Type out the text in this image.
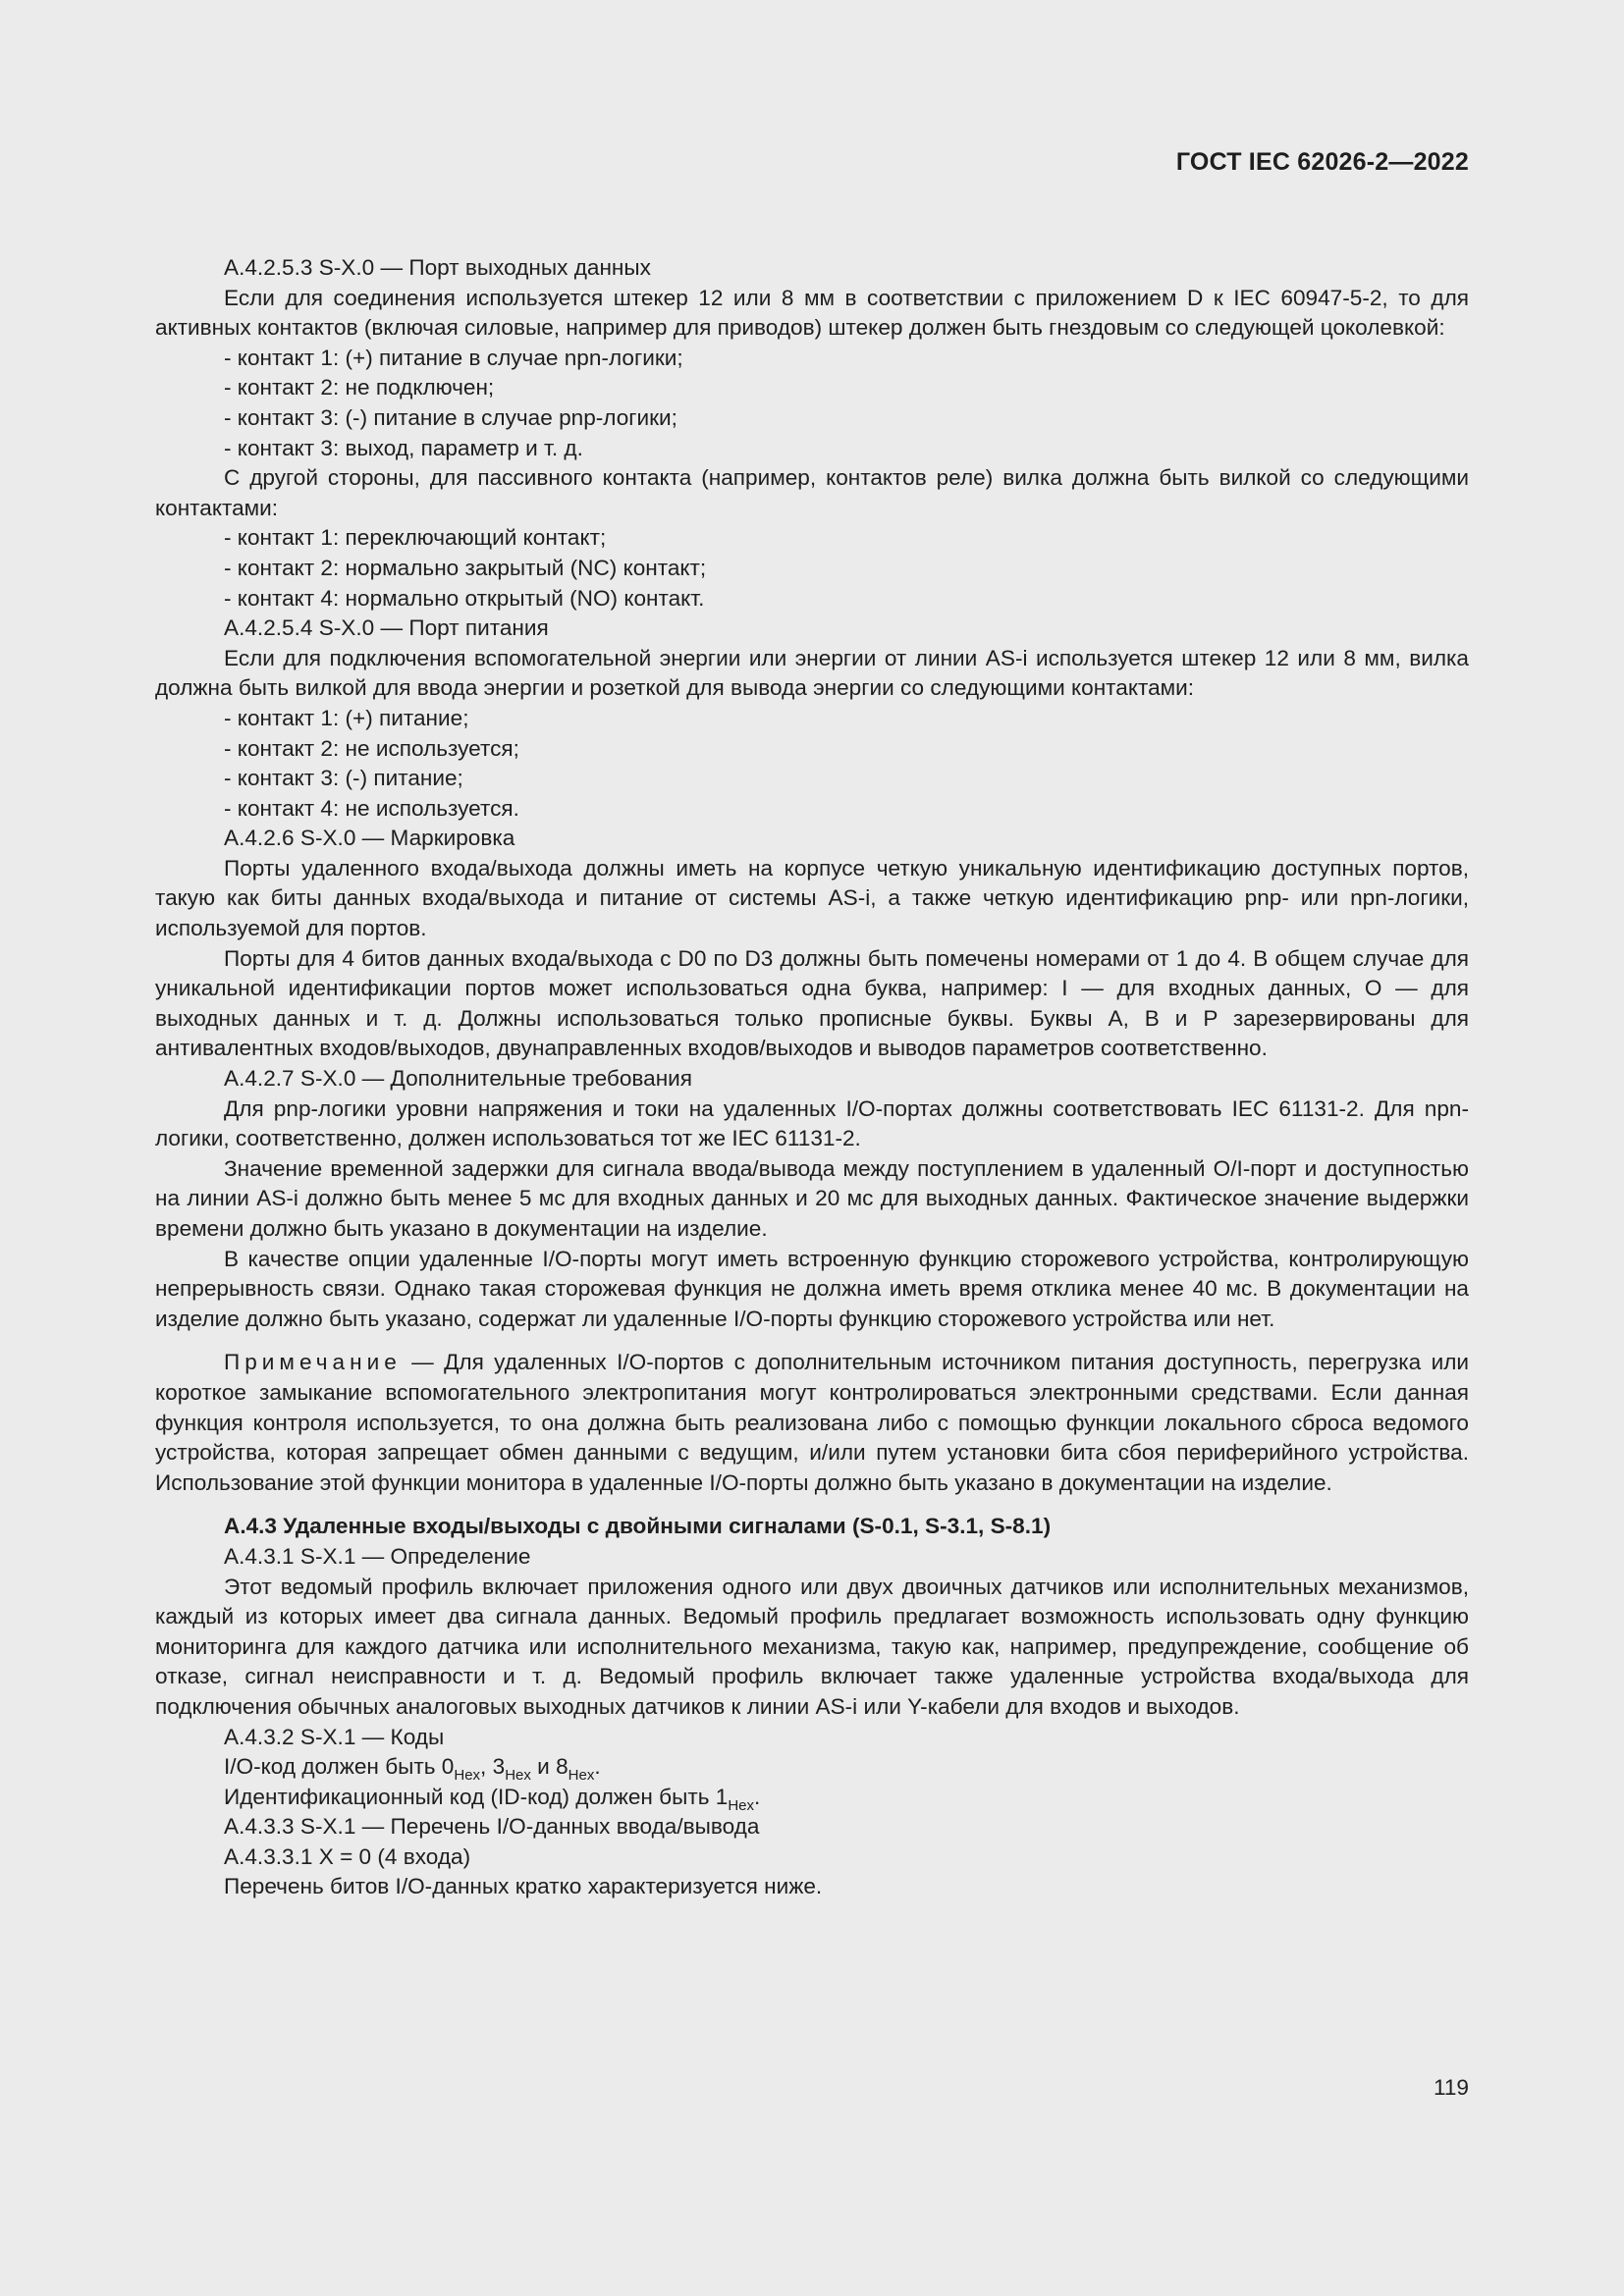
ГОСТ IEC 62026-2—2022

А.4.2.5.3 S-X.0 — Порт выходных данных

Если для соединения используется штекер 12 или 8 мм в соответствии с приложением D к IEC 60947-5-2, то для активных контактов (включая силовые, например для приводов) штекер должен быть гнездовым со следующей цоколевкой:

- контакт 1: (+) питание в случае npn-логики;

- контакт 2: не подключен;

- контакт 3: (-) питание в случае pnp-логики;

- контакт 3: выход, параметр и т. д.

С другой стороны, для пассивного контакта (например, контактов реле) вилка должна быть вилкой со следующими контактами:

- контакт 1: переключающий контакт;

- контакт 2: нормально закрытый (NC) контакт;

- контакт 4: нормально открытый (NO) контакт.

А.4.2.5.4 S-X.0 — Порт питания

Если для подключения вспомогательной энергии или энергии от линии AS-i используется штекер 12 или 8 мм, вилка должна быть вилкой для ввода энергии и розеткой для вывода энергии со следующими контактами:

- контакт 1: (+) питание;

- контакт 2: не используется;

- контакт 3: (-) питание;

- контакт 4: не используется.

А.4.2.6 S-X.0 — Маркировка

Порты удаленного входа/выхода должны иметь на корпусе четкую уникальную идентификацию доступных портов, такую как биты данных входа/выхода и питание от системы AS-i, а также четкую идентификацию pnp- или npn-логики, используемой для портов.

Порты для 4 битов данных входа/выхода с D0 по D3 должны быть помечены номерами от 1 до 4. В общем случае для уникальной идентификации портов может использоваться одна буква, например: I — для входных данных, O — для выходных данных и т. д. Должны использоваться только прописные буквы. Буквы A, B и P зарезервированы для антивалентных входов/выходов, двунаправленных входов/выходов и выводов параметров соответственно.

А.4.2.7 S-X.0 — Дополнительные требования

Для pnp-логики уровни напряжения и токи на удаленных I/O-портах должны соответствовать IEC 61131-2. Для npn-логики, соответственно, должен использоваться тот же IEC 61131-2.

Значение временной задержки для сигнала ввода/вывода между поступлением в удаленный O/I-порт и доступностью на линии AS-i должно быть менее 5 мс для входных данных и 20 мс для выходных данных. Фактическое значение выдержки времени должно быть указано в документации на изделие.

В качестве опции удаленные I/O-порты могут иметь встроенную функцию сторожевого устройства, контролирующую непрерывность связи. Однако такая сторожевая функция не должна иметь время отклика менее 40 мс. В документации на изделие должно быть указано, содержат ли удаленные I/O-порты функцию сторожевого устройства или нет.

Примечание — Для удаленных I/O-портов с дополнительным источником питания доступность, перегрузка или короткое замыкание вспомогательного электропитания могут контролироваться электронными средствами. Если данная функция контроля используется, то она должна быть реализована либо с помощью функции локального сброса ведомого устройства, которая запрещает обмен данными с ведущим, и/или путем установки бита сбоя периферийного устройства. Использование этой функции монитора в удаленные I/O-порты должно быть указано в документации на изделие.

А.4.3 Удаленные входы/выходы с двойными сигналами (S-0.1, S-3.1, S-8.1)

А.4.3.1 S-X.1 — Определение

Этот ведомый профиль включает приложения одного или двух двоичных датчиков или исполнительных механизмов, каждый из которых имеет два сигнала данных. Ведомый профиль предлагает возможность использовать одну функцию мониторинга для каждого датчика или исполнительного механизма, такую как, например, предупреждение, сообщение об отказе, сигнал неисправности и т. д. Ведомый профиль включает также удаленные устройства входа/выхода для подключения обычных аналоговых выходных датчиков к линии AS-i или Y-кабели для входов и выходов.

А.4.3.2 S-X.1 — Коды

I/O-код должен быть $0_{Hex}$, $3_{Hex}$ и $8_{Hex}$.

Идентификационный код (ID-код) должен быть $1_{Hex}$.

А.4.3.3 S-X.1 — Перечень I/O-данных ввода/вывода

А.4.3.3.1 X = 0 (4 входа)

Перечень битов I/O-данных кратко характеризуется ниже.

119
